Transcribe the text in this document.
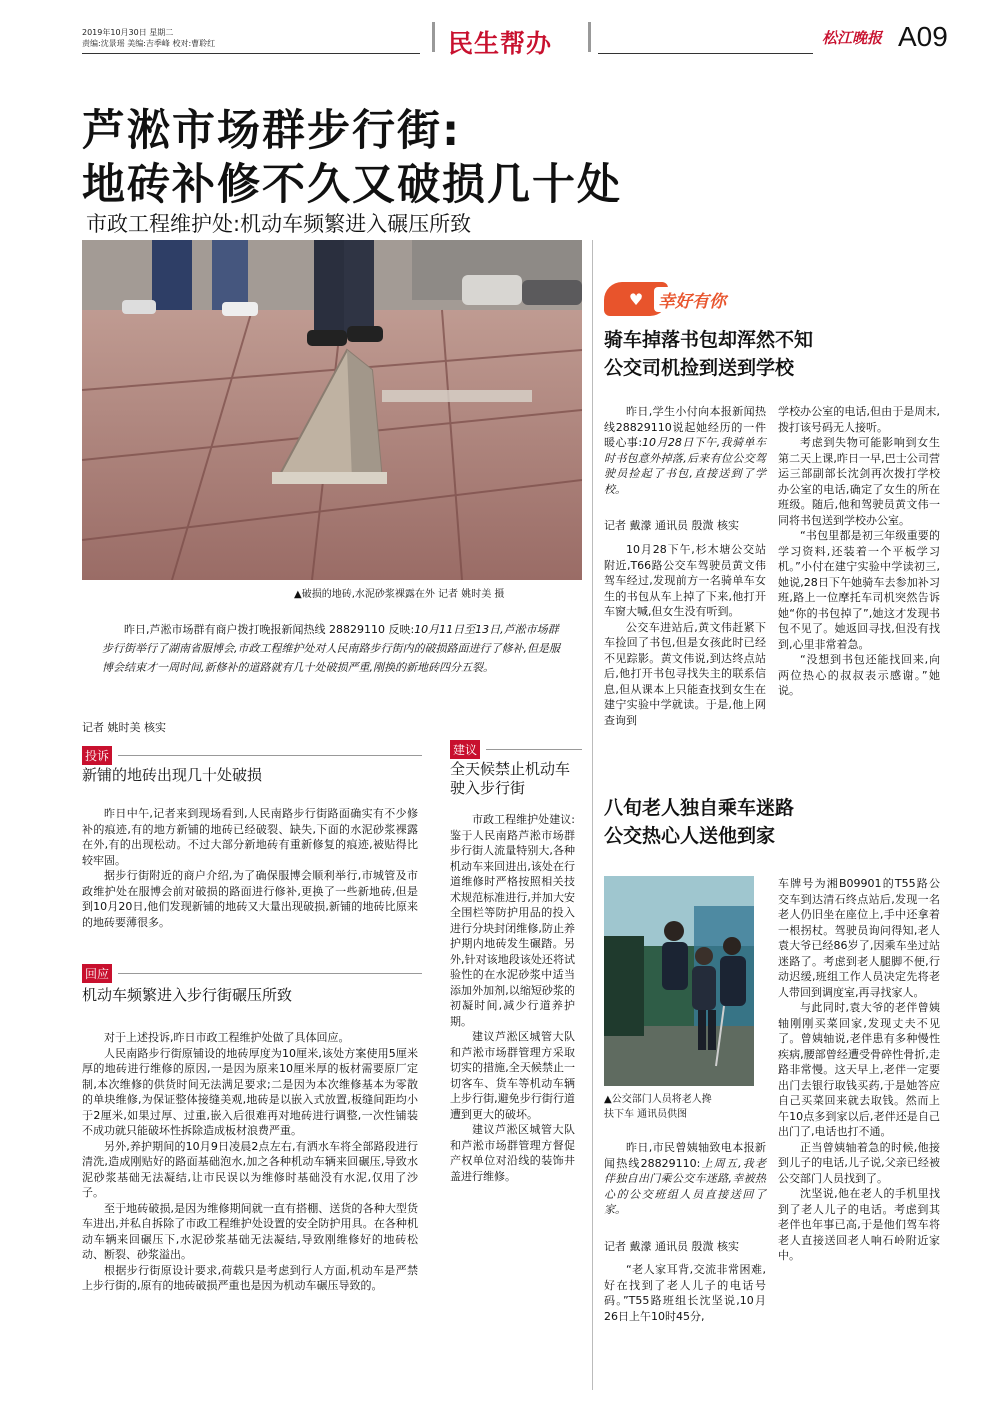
2019年10月30日 星期二
责编:沈景瑶 美编:吉季峰 校对:曹聆红	民生帮办	松江晚报 A09
芦淞市场群步行街:
地砖补修不久又破损几十处
市政工程维护处:机动车频繁进入碾压所致
▲破损的地砖,水泥砂浆裸露在外 记者 姚时美 摄
昨日,芦淞市场群有商户拨打晚报新闻热线 28829110 反映:10月11日至13日,芦淞市场群步行街举行了湖南省服博会,市政工程维护处对人民南路步行街内的破损路面进行了修补,但是服博会结束才一周时间,新修补的道路就有几十处破损严重,刚换的新地砖四分五裂。
记者 姚时美 核实
投诉
新铺的地砖出现几十处破损

昨日中午,记者来到现场看到,人民南路步行街路面确实有不少修补的痕迹,有的地方新铺的地砖已经破裂、缺失,下面的水泥砂浆裸露在外,有的出现松动。不过大部分新地砖有重新修复的痕迹,被贴得比较牢固。

据步行街附近的商户介绍,为了确保服博会顺利举行,市城管及市政维护处在服博会前对破损的路面进行修补,更换了一些新地砖,但是到10月20日,他们发现新铺的地砖又大量出现破损,新铺的地砖比原来的地砖要薄很多。

回应
机动车频繁进入步行街碾压所致

对于上述投诉,昨日市政工程维护处做了具体回应。

人民南路步行街原铺设的地砖厚度为10厘米,该处方案使用5厘米厚的地砖进行维修的原因,一是因为原来10厘米厚的板材需要原厂定制,本次维修的供货时间无法满足要求;二是因为本次维修基本为零散的单块维修,为保证整体接缝美观,地砖是以嵌入式放置,板缝间距均小于2厘米,如果过厚、过重,嵌入后很难再对地砖进行调整,一次性铺装不成功就只能破坏性拆除造成板材浪费严重。

另外,养护期间的10月9日凌晨2点左右,有洒水车将全部路段进行清洗,造成刚贴好的路面基础泡水,加之各种机动车辆来回碾压,导致水泥砂浆基础无法凝结,让市民误以为维修时基础没有水泥,仅用了沙子。

至于地砖破损,是因为维修期间就一直有搭棚、送货的各种大型货车进出,并私自拆除了市政工程维护处设置的安全防护用具。在各种机动车辆来回碾压下,水泥砂浆基础无法凝结,导致刚维修好的地砖松动、断裂、砂浆溢出。

根据步行街原设计要求,荷载只是考虑到行人方面,机动车是严禁上步行街的,原有的地砖破损严重也是因为机动车碾压导致的。

建议
全天候禁止机动车驶入步行街

市政工程维护处建议:鉴于人民南路芦淞市场群步行街人流量特别大,各种机动车来回进出,该处在行道维修时严格按照相关技术规范标准进行,并加大安全围栏等防护用品的投入进行分块封闭维修,防止养护期内地砖发生碾踏。另外,针对该地段该处还将试验性的在水泥砂浆中适当添加外加剂,以缩短砂浆的初凝时间,减少行道养护期。

建议芦淞区城管大队和芦淞市场群管理方采取切实的措施,全天候禁止一切客车、货车等机动车辆上步行街,避免步行街行道遭到更大的破坏。

建议芦淞区城管大队和芦淞市场群管理方督促产权单位对沿线的装饰井盖进行维修。

♥ 幸好有你
骑车掉落书包却浑然不知
公交司机捡到送到学校

昨日,学生小付向本报新闻热线28829110说起她经历的一件暖心事:10月28日下午,我骑单车时书包意外掉落,后来有位公交驾驶员捡起了书包,直接送到了学校。

记者 戴濛 通讯员 殷溦 核实

10月28下午,杉木塘公交站附近,T66路公交车驾驶员黄文伟驾车经过,发现前方一名骑单车女生的书包从车上掉了下来,他打开车窗大喊,但女生没有听到。

公交车进站后,黄文伟赶紧下车捡回了书包,但是女孩此时已经不见踪影。黄文伟说,到达终点站后,他打开书包寻找失主的联系信息,但从课本上只能查找到女生在建宁实验中学就读。于是,他上网查询到

学校办公室的电话,但由于是周末,拨打该号码无人接听。

考虑到失物可能影响到女生第二天上课,昨日一早,巴士公司营运三部副部长沈剑再次拨打学校办公室的电话,确定了女生的所在班级。随后,他和驾驶员黄文伟一同将书包送到学校办公室。

“书包里都是初三年级重要的学习资料,还装着一个平板学习机。”小付在建宁实验中学读初三,她说,28日下午她骑车去参加补习班,路上一位摩托车司机突然告诉她“你的书包掉了”,她这才发现书包不见了。她返回寻找,但没有找到,心里非常着急。

“没想到书包还能找回来,向两位热心的叔叔表示感谢。”她说。

八旬老人独自乘车迷路
公交热心人送他到家
▲公交部门人员将老人搀
扶下车 通讯员供图

昨日,市民曾姨轴致电本报新闻热线28829110:上周五,我老伴独自出门乘公交车迷路,幸被热心的公交班组人员直接送回了家。

记者 戴濛 通讯员 殷溦 核实

“老人家耳背,交流非常困难,好在找到了老人儿子的电话号码。”T55路班组长沈坚说,10月26日上午10时45分,

车牌号为湘B09901的T55路公交车到达清石终点站后,发现一名老人仍旧坐在座位上,手中还拿着一根拐杖。驾驶员询问得知,老人袁大爷已经86岁了,因乘车坐过站迷路了。考虑到老人腿脚不便,行动迟缓,班组工作人员决定先将老人带回到调度室,再寻找家人。

与此同时,袁大爷的老伴曾姨轴刚刚买菜回家,发现丈夫不见了。曾姨轴说,老伴患有多种慢性疾病,腰部曾经遭受骨碎性骨折,走路非常慢。这天早上,老伴一定要出门去银行取钱买药,于是她答应自己买菜回来就去取钱。然而上午10点多到家以后,老伴还是自己出门了,电话也打不通。

正当曾姨轴着急的时候,他接到儿子的电话,儿子说,父亲已经被公交部门人员找到了。

沈坚说,他在老人的手机里找到了老人儿子的电话。考虑到其老伴也年事已高,于是他们驾车将老人直接送回老人响石岭附近家中。
